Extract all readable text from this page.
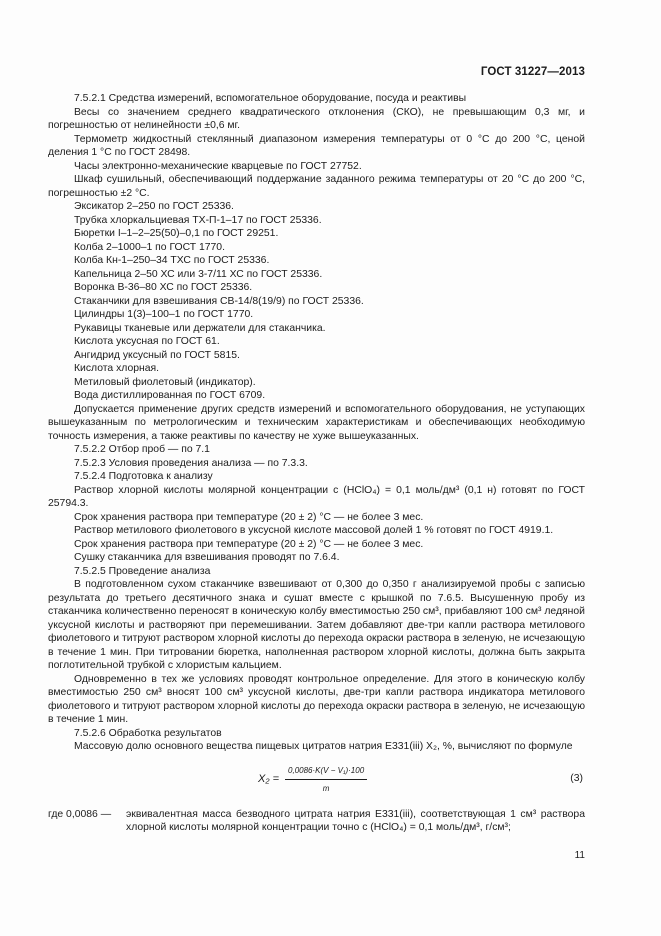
ГОСТ 31227—2013

7.5.2.1 Средства измерений, вспомогательное оборудование, посуда и реактивы

Весы со значением среднего квадратического отклонения (СКО), не превышающим 0,3 мг, и погрешностью от нелинейности ±0,6 мг.

Термометр жидкостный стеклянный диапазоном измерения температуры от 0 °С до 200 °С, ценой деления 1 °С по ГОСТ 28498.

Часы электронно-механические кварцевые по ГОСТ 27752.

Шкаф сушильный, обеспечивающий поддержание заданного режима температуры от 20 °С до 200 °С, погрешностью ±2 °С.

Эксикатор 2–250 по ГОСТ 25336.

Трубка хлоркальциевая ТХ-П-1–17 по ГОСТ 25336.

Бюретки I–1–2–25(50)–0,1 по ГОСТ 29251.

Колба 2–1000–1 по ГОСТ 1770.

Колба Кн-1–250–34 ТХС по ГОСТ 25336.

Капельница 2–50 ХС или 3-7/11 ХС по ГОСТ 25336.

Воронка В-36–80 ХС по ГОСТ 25336.

Стаканчики для взвешивания СВ-14/8(19/9) по ГОСТ 25336.

Цилиндры 1(3)–100–1 по ГОСТ 1770.

Рукавицы тканевые или держатели для стаканчика.

Кислота уксусная по ГОСТ 61.

Ангидрид уксусный по ГОСТ 5815.

Кислота хлорная.

Метиловый фиолетовый (индикатор).

Вода дистиллированная по ГОСТ 6709.

Допускается применение других средств измерений и вспомогательного оборудования, не уступающих вышеуказанным по метрологическим и техническим характеристикам и обеспечивающих необходимую точность измерения, а также реактивы по качеству не хуже вышеуказанных.

7.5.2.2 Отбор проб — по 7.1

7.5.2.3 Условия проведения анализа — по 7.3.3.

7.5.2.4 Подготовка к анализу

Раствор хлорной кислоты молярной концентрации c (HClO₄) = 0,1 моль/дм³ (0,1 н) готовят по ГОСТ 25794.3.

Срок хранения раствора при температуре (20 ± 2) °С — не более 3 мес.

Раствор метилового фиолетового в уксусной кислоте массовой долей 1 % готовят по ГОСТ 4919.1.

Срок хранения раствора при температуре (20 ± 2) °С — не более 3 мес.

Сушку стаканчика для взвешивания проводят по 7.6.4.

7.5.2.5 Проведение анализа

В подготовленном сухом стаканчике взвешивают от 0,300 до 0,350 г анализируемой пробы с записью результата до третьего десятичного знака и сушат вместе с крышкой по 7.6.5. Высушенную пробу из стаканчика количественно переносят в коническую колбу вместимостью 250 см³, прибавляют 100 см³ ледяной уксусной кислоты и растворяют при перемешивании. Затем добавляют две-три капли раствора метилового фиолетового и титруют раствором хлорной кислоты до перехода окраски раствора в зеленую, не исчезающую в течение 1 мин. При титровании бюретка, наполненная раствором хлорной кислоты, должна быть закрыта поглотительной трубкой с хлористым кальцием.

Одновременно в тех же условиях проводят контрольное определение. Для этого в коническую колбу вместимостью 250 см³ вносят 100 см³ уксусной кислоты, две-три капли раствора индикатора метилового фиолетового и титруют раствором хлорной кислоты до перехода окраски раствора в зеленую, не исчезающую в течение 1 мин.

7.5.2.6 Обработка результатов

Массовую долю основного вещества пищевых цитратов натрия Е331(iii) X₂, %, вычисляют по формуле

$X_2 = \frac{\text{0,0086·K(V − V₁)·100}}{m}$	(3)
где 0,0086 —	эквивалентная масса безводного цитрата натрия Е331(iii), соответствующая 1 см³ раствора хлорной кислоты молярной концентрации точно c (HClO₄) = 0,1 моль/дм³, г/см³;
11
